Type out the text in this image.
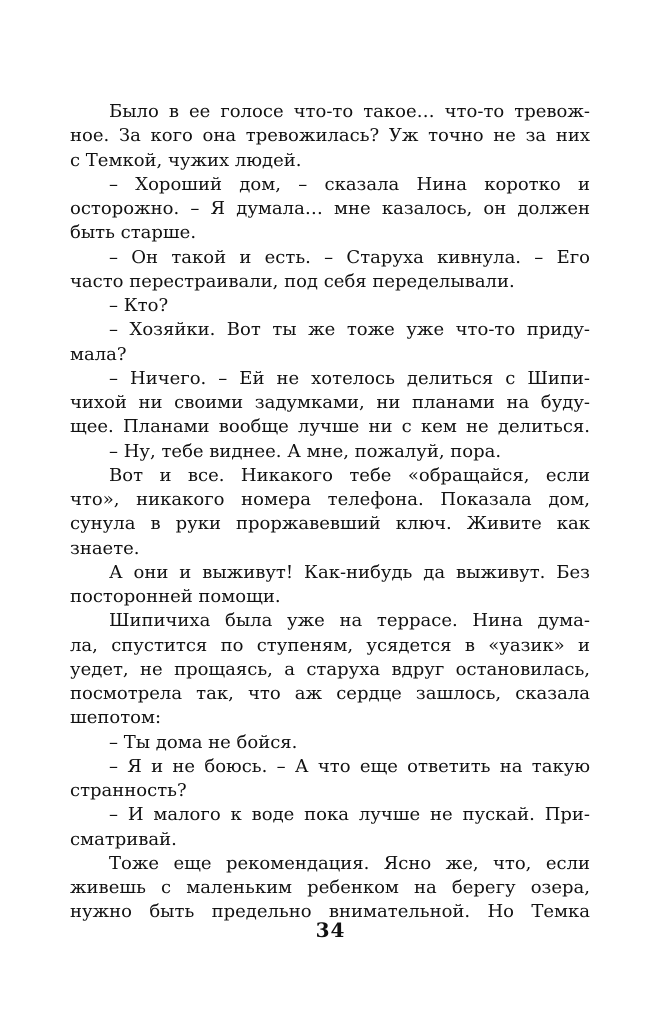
Было в ее голосе что-то такое… что-то тревож-
ное. За кого она тревожилась? Уж точно не за них
с Темкой, чужих людей.
– Хороший дом, – сказала Нина коротко и
осторожно. – Я думала… мне казалось, он должен
быть старше.
– Он такой и есть. – Старуха кивнула. – Его
часто перестраивали, под себя переделывали.
– Кто?
– Хозяйки. Вот ты же тоже уже что-то приду-
мала?
– Ничего. – Ей не хотелось делиться с Шипи-
чихой ни своими задумками, ни планами на буду-
щее. Планами вообще лучше ни с кем не делиться.
– Ну, тебе виднее. А мне, пожалуй, пора.
Вот и все. Никакого тебе «обращайся, если
что», никакого номера телефона. Показала дом,
сунула в руки проржавевший ключ. Живите как
знаете.
А они и выживут! Как-нибудь да выживут. Без
посторонней помощи.
Шипичиха была уже на террасе. Нина дума-
ла, спустится по ступеням, усядется в «уазик» и
уедет, не прощаясь, а старуха вдруг остановилась,
посмотрела так, что аж сердце зашлось, сказала
шепотом:
– Ты дома не бойся.
– Я и не боюсь. – А что еще ответить на такую
странность?
– И малого к воде пока лучше не пускай. При-
сматривай.
Тоже еще рекомендация. Ясно же, что, если
живешь с маленьким ребенком на берегу озера,
нужно быть предельно внимательной. Но Темка
34
